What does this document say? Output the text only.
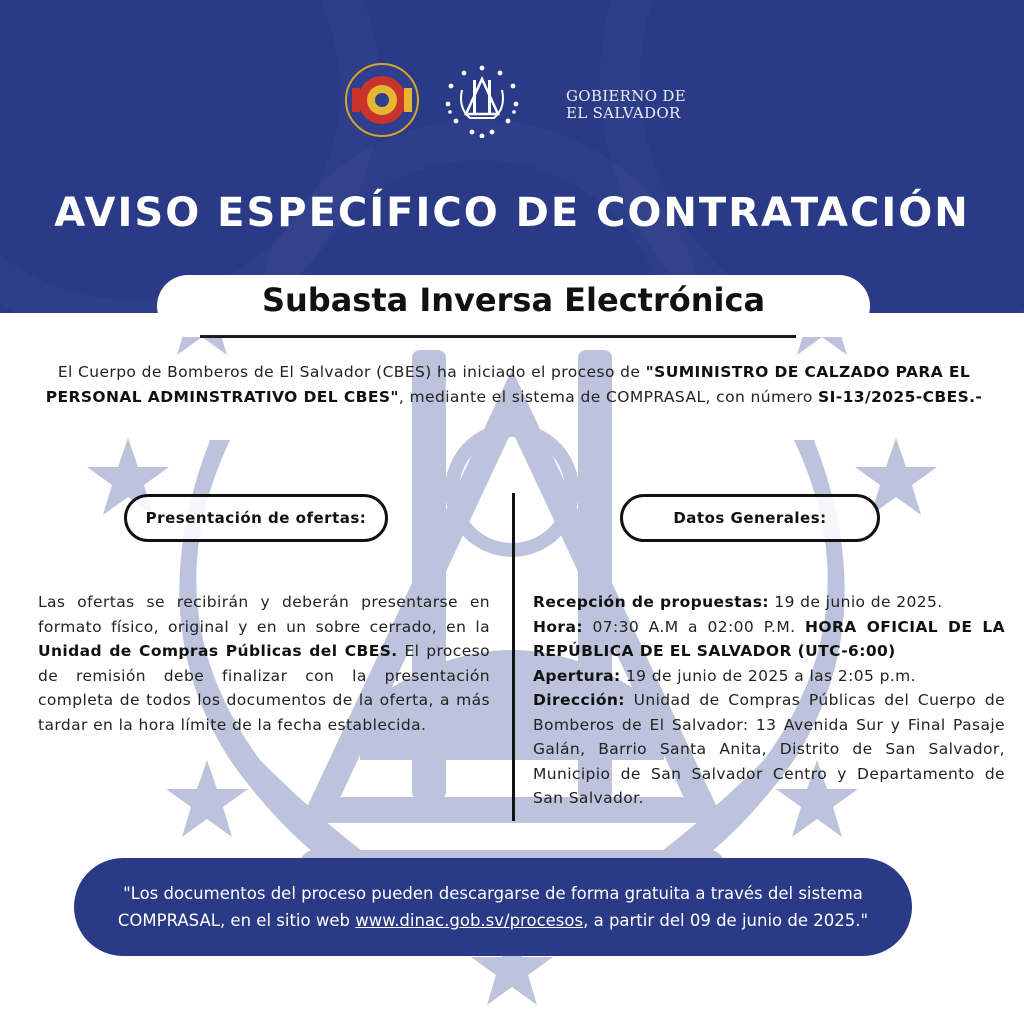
GOBIERNO DE
EL SALVADOR
AVISO ESPECÍFICO DE CONTRATACIÓN
Subasta Inversa Electrónica
El Cuerpo de Bomberos de El Salvador (CBES) ha iniciado el proceso de "SUMINISTRO DE CALZADO PARA EL PERSONAL ADMINSTRATIVO DEL CBES", mediante el sistema de COMPRASAL, con número SI-13/2025-CBES.-
Presentación de ofertas:	Datos Generales:
Las ofertas se recibirán y deberán presentarse en formato físico, original y en un sobre cerrado, en la Unidad de Compras Públicas del CBES. El proceso de remisión debe finalizar con la presentación completa de todos los documentos de la oferta, a más tardar en la hora límite de la fecha establecida.
Recepción de propuestas: 19 de junio de 2025.
Hora: 07:30 A.M a 02:00 P.M. HORA OFICIAL DE LA REPÚBLICA DE EL SALVADOR (UTC-6:00)
Apertura: 19 de junio de 2025 a las 2:05 p.m.
Dirección: Unidad de Compras Públicas del Cuerpo de Bomberos de El Salvador: 13 Avenida Sur y Final Pasaje Galán, Barrio Santa Anita, Distrito de San Salvador, Municipio de San Salvador Centro y Departamento de San Salvador.
"Los documentos del proceso pueden descargarse de forma gratuita a través del sistema COMPRASAL, en el sitio web www.dinac.gob.sv/procesos, a partir del 09 de junio de 2025."
